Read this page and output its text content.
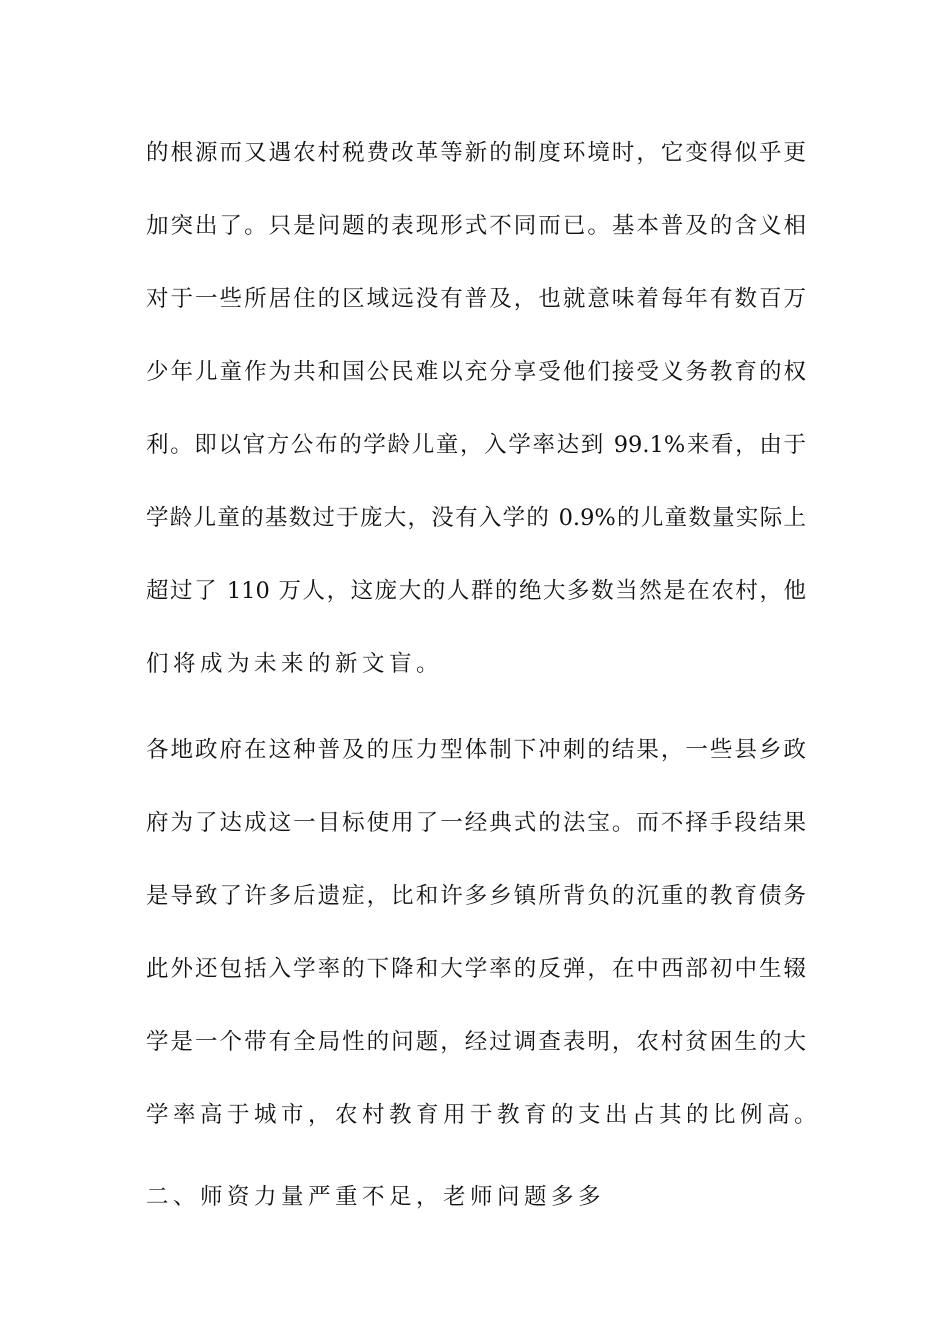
的根源而又遇农村税费改革等新的制度环境时，它变得似乎更
加突出了。只是问题的表现形式不同而已。基本普及的含义相
对于一些所居住的区域远没有普及，也就意味着每年有数百万
少年儿童作为共和国公民难以充分享受他们接受义务教育的权
利。即以官方公布的学龄儿童，入学率达到 99.1%来看，由于
学龄儿童的基数过于庞大，没有入学的 0.9%的儿童数量实际上
超过了 110 万人，这庞大的人群的绝大多数当然是在农村，他
们将成为未来的新文盲。
各地政府在这种普及的压力型体制下冲刺的结果，一些县乡政
府为了达成这一目标使用了一经典式的法宝。而不择手段结果
是导致了许多后遗症，比和许多乡镇所背负的沉重的教育债务
此外还包括入学率的下降和大学率的反弹，在中西部初中生辍
学是一个带有全局性的问题，经过调查表明，农村贫困生的大
学率高于城市，农村教育用于教育的支出占其的比例高。
二、师资力量严重不足，老师问题多多
